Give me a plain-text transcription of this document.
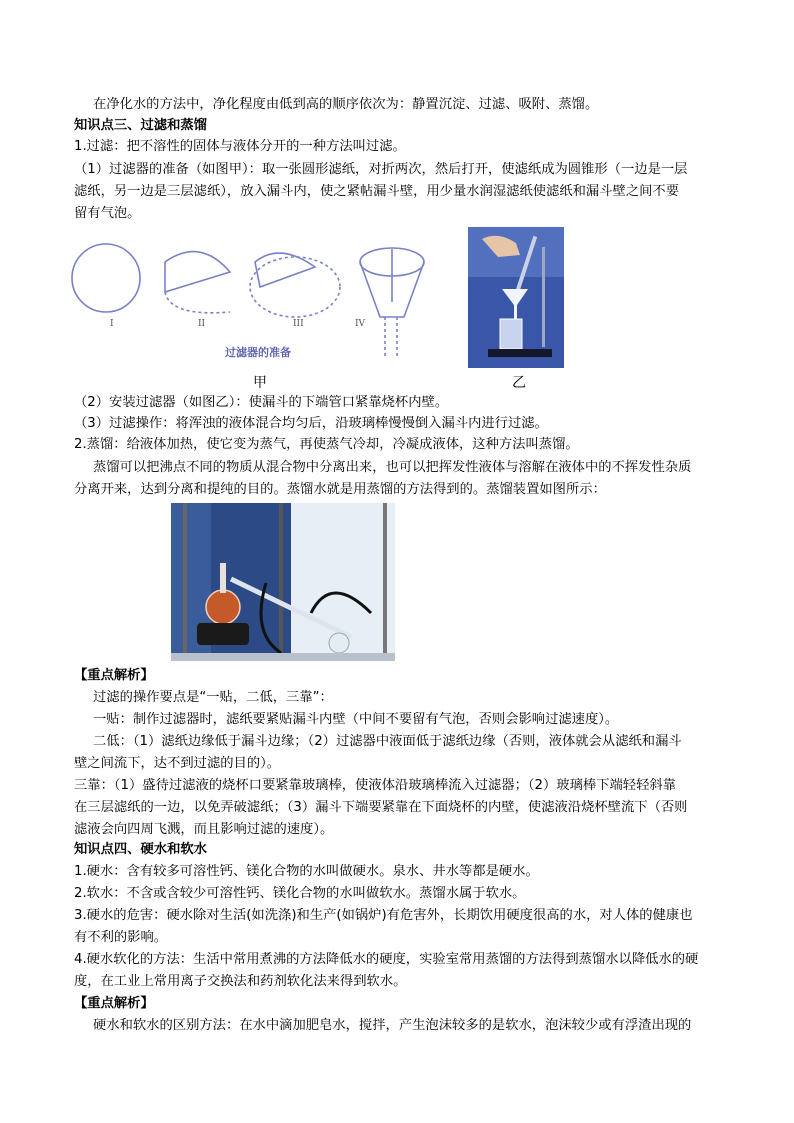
在净化水的方法中，净化程度由低到高的顺序依次为：静置沉淀、过滤、吸附、蒸馏。
知识点三、过滤和蒸馏
1.过滤：把不溶性的固体与液体分开的一种方法叫过滤。
（1）过滤器的准备（如图甲）：取一张圆形滤纸，对折两次，然后打开，使滤纸成为圆锥形（一边是一层
滤纸，另一边是三层滤纸），放入漏斗内，使之紧帖漏斗壁，用少量水润湿滤纸使滤纸和漏斗壁之间不要
留有气泡。
I	II	III	IV
过滤器的准备
甲	乙
（2）安装过滤器（如图乙）：使漏斗的下端管口紧靠烧杯内壁。
（3）过滤操作：将浑浊的液体混合均匀后，沿玻璃棒慢慢倒入漏斗内进行过滤。
2.蒸馏：给液体加热，使它变为蒸气，再使蒸气冷却，冷凝成液体，这种方法叫蒸馏。
蒸馏可以把沸点不同的物质从混合物中分离出来，也可以把挥发性液体与溶解在液体中的不挥发性杂质
分离开来，达到分离和提纯的目的。蒸馏水就是用蒸馏的方法得到的。蒸馏装置如图所示：
【重点解析】
过滤的操作要点是“一贴，二低，三靠”：
一贴：制作过滤器时，滤纸要紧贴漏斗内壁（中间不要留有气泡，否则会影响过滤速度）。
二低：（1）滤纸边缘低于漏斗边缘；（2）过滤器中液面低于滤纸边缘（否则，液体就会从滤纸和漏斗
壁之间流下，达不到过滤的目的）。
三靠：（1）盛待过滤液的烧杯口要紧靠玻璃棒，使液体沿玻璃棒流入过滤器；（2）玻璃棒下端轻轻斜靠
在三层滤纸的一边，以免弄破滤纸；（3）漏斗下端要紧靠在下面烧杯的内壁，使滤液沿烧杯壁流下（否则
滤液会向四周飞溅，而且影响过滤的速度）。
知识点四、硬水和软水
1.硬水：含有较多可溶性钙、镁化合物的水叫做硬水。泉水、井水等都是硬水。
2.软水：不含或含较少可溶性钙、镁化合物的水叫做软水。蒸馏水属于软水。
3.硬水的危害：硬水除对生活(如洗涤)和生产(如锅炉)有危害外，长期饮用硬度很高的水，对人体的健康也
有不利的影响。
4.硬水软化的方法：生活中常用煮沸的方法降低水的硬度，实验室常用蒸馏的方法得到蒸馏水以降低水的硬
度，在工业上常用离子交换法和药剂软化法来得到软水。
【重点解析】
硬水和软水的区别方法：在水中滴加肥皂水，搅拌，产生泡沫较多的是软水，泡沫较少或有浮渣出现的
